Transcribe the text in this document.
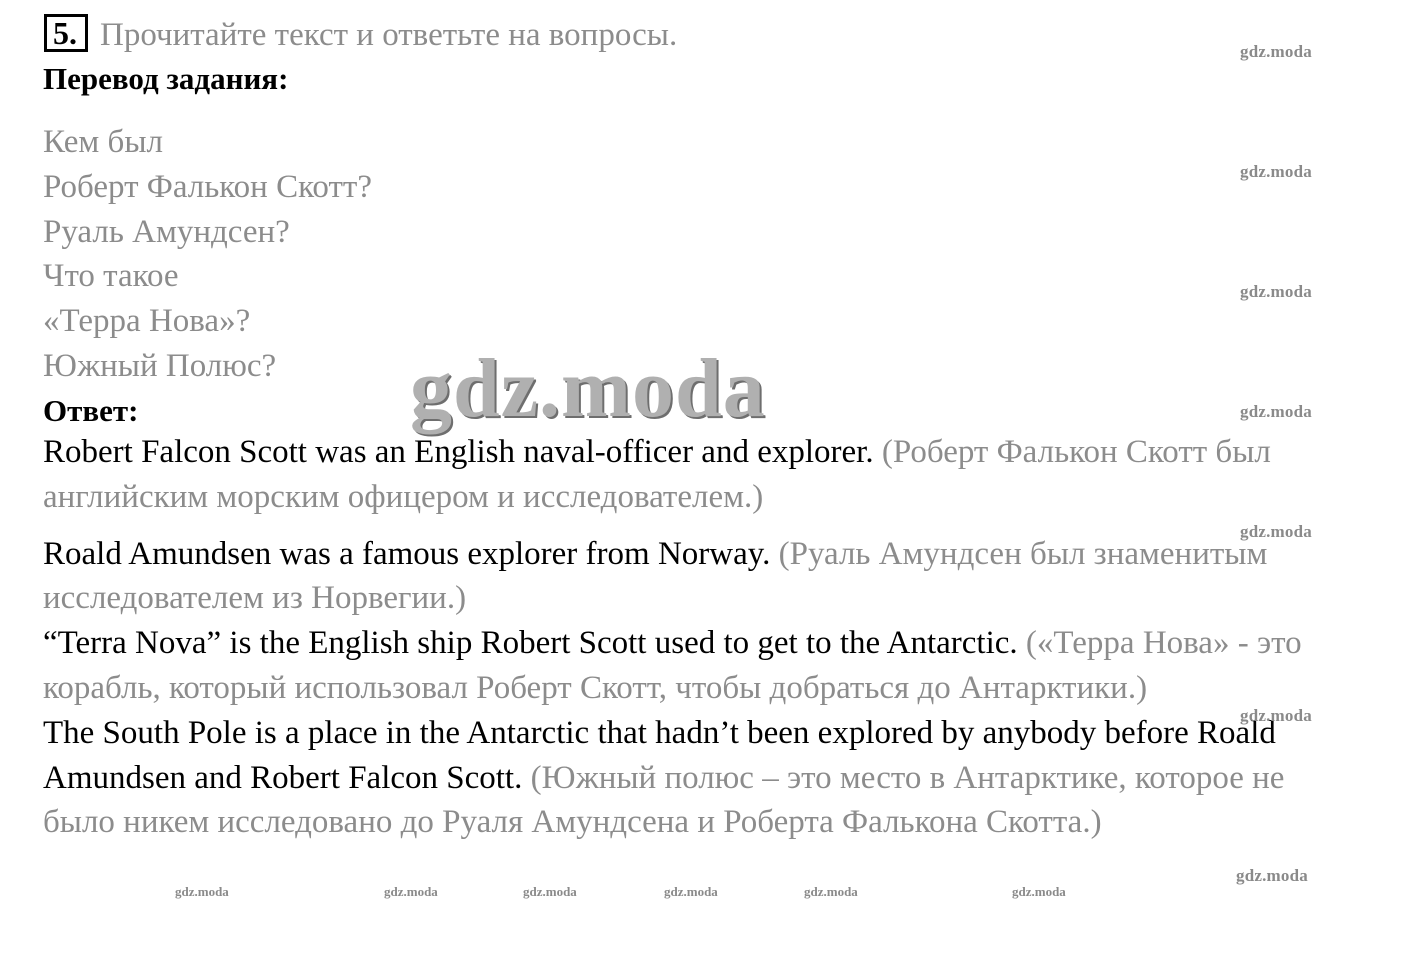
5. Прочитайте текст и ответьте на вопросы.
Перевод задания:
Кем был
Роберт Фалькон Скотт?
Руаль Амундсен?
Что такое
«Терра Нова»?
Южный Полюс?
Ответ:

Robert Falcon Scott was an English naval-officer and explorer. (Роберт Фалькон Скотт был английским морским офицером и исследователем.)

Roald Amundsen was a famous explorer from Norway. (Руаль Амундсен был знаменитым исследователем из Норвегии.)

“Terra Nova” is the English ship Robert Scott used to get to the Antarctic. («Терра Нова» - это корабль, который использовал Роберт Скотт, чтобы добраться до Антарктики.)

The South Pole is a place in the Antarctic that hadn’t been explored by anybody before Roald Amundsen and Robert Falcon Scott. (Южный полюс – это место в Антарктике, которое не было никем исследовано до Руаля Амундсена и Роберта Фалькона Скотта.)

gdz.moda
gdz.moda
gdz.moda
gdz.moda
gdz.moda
gdz.moda
gdz.moda
gdz.moda
gdz.moda	gdz.moda	gdz.moda	gdz.moda	gdz.moda	gdz.moda
